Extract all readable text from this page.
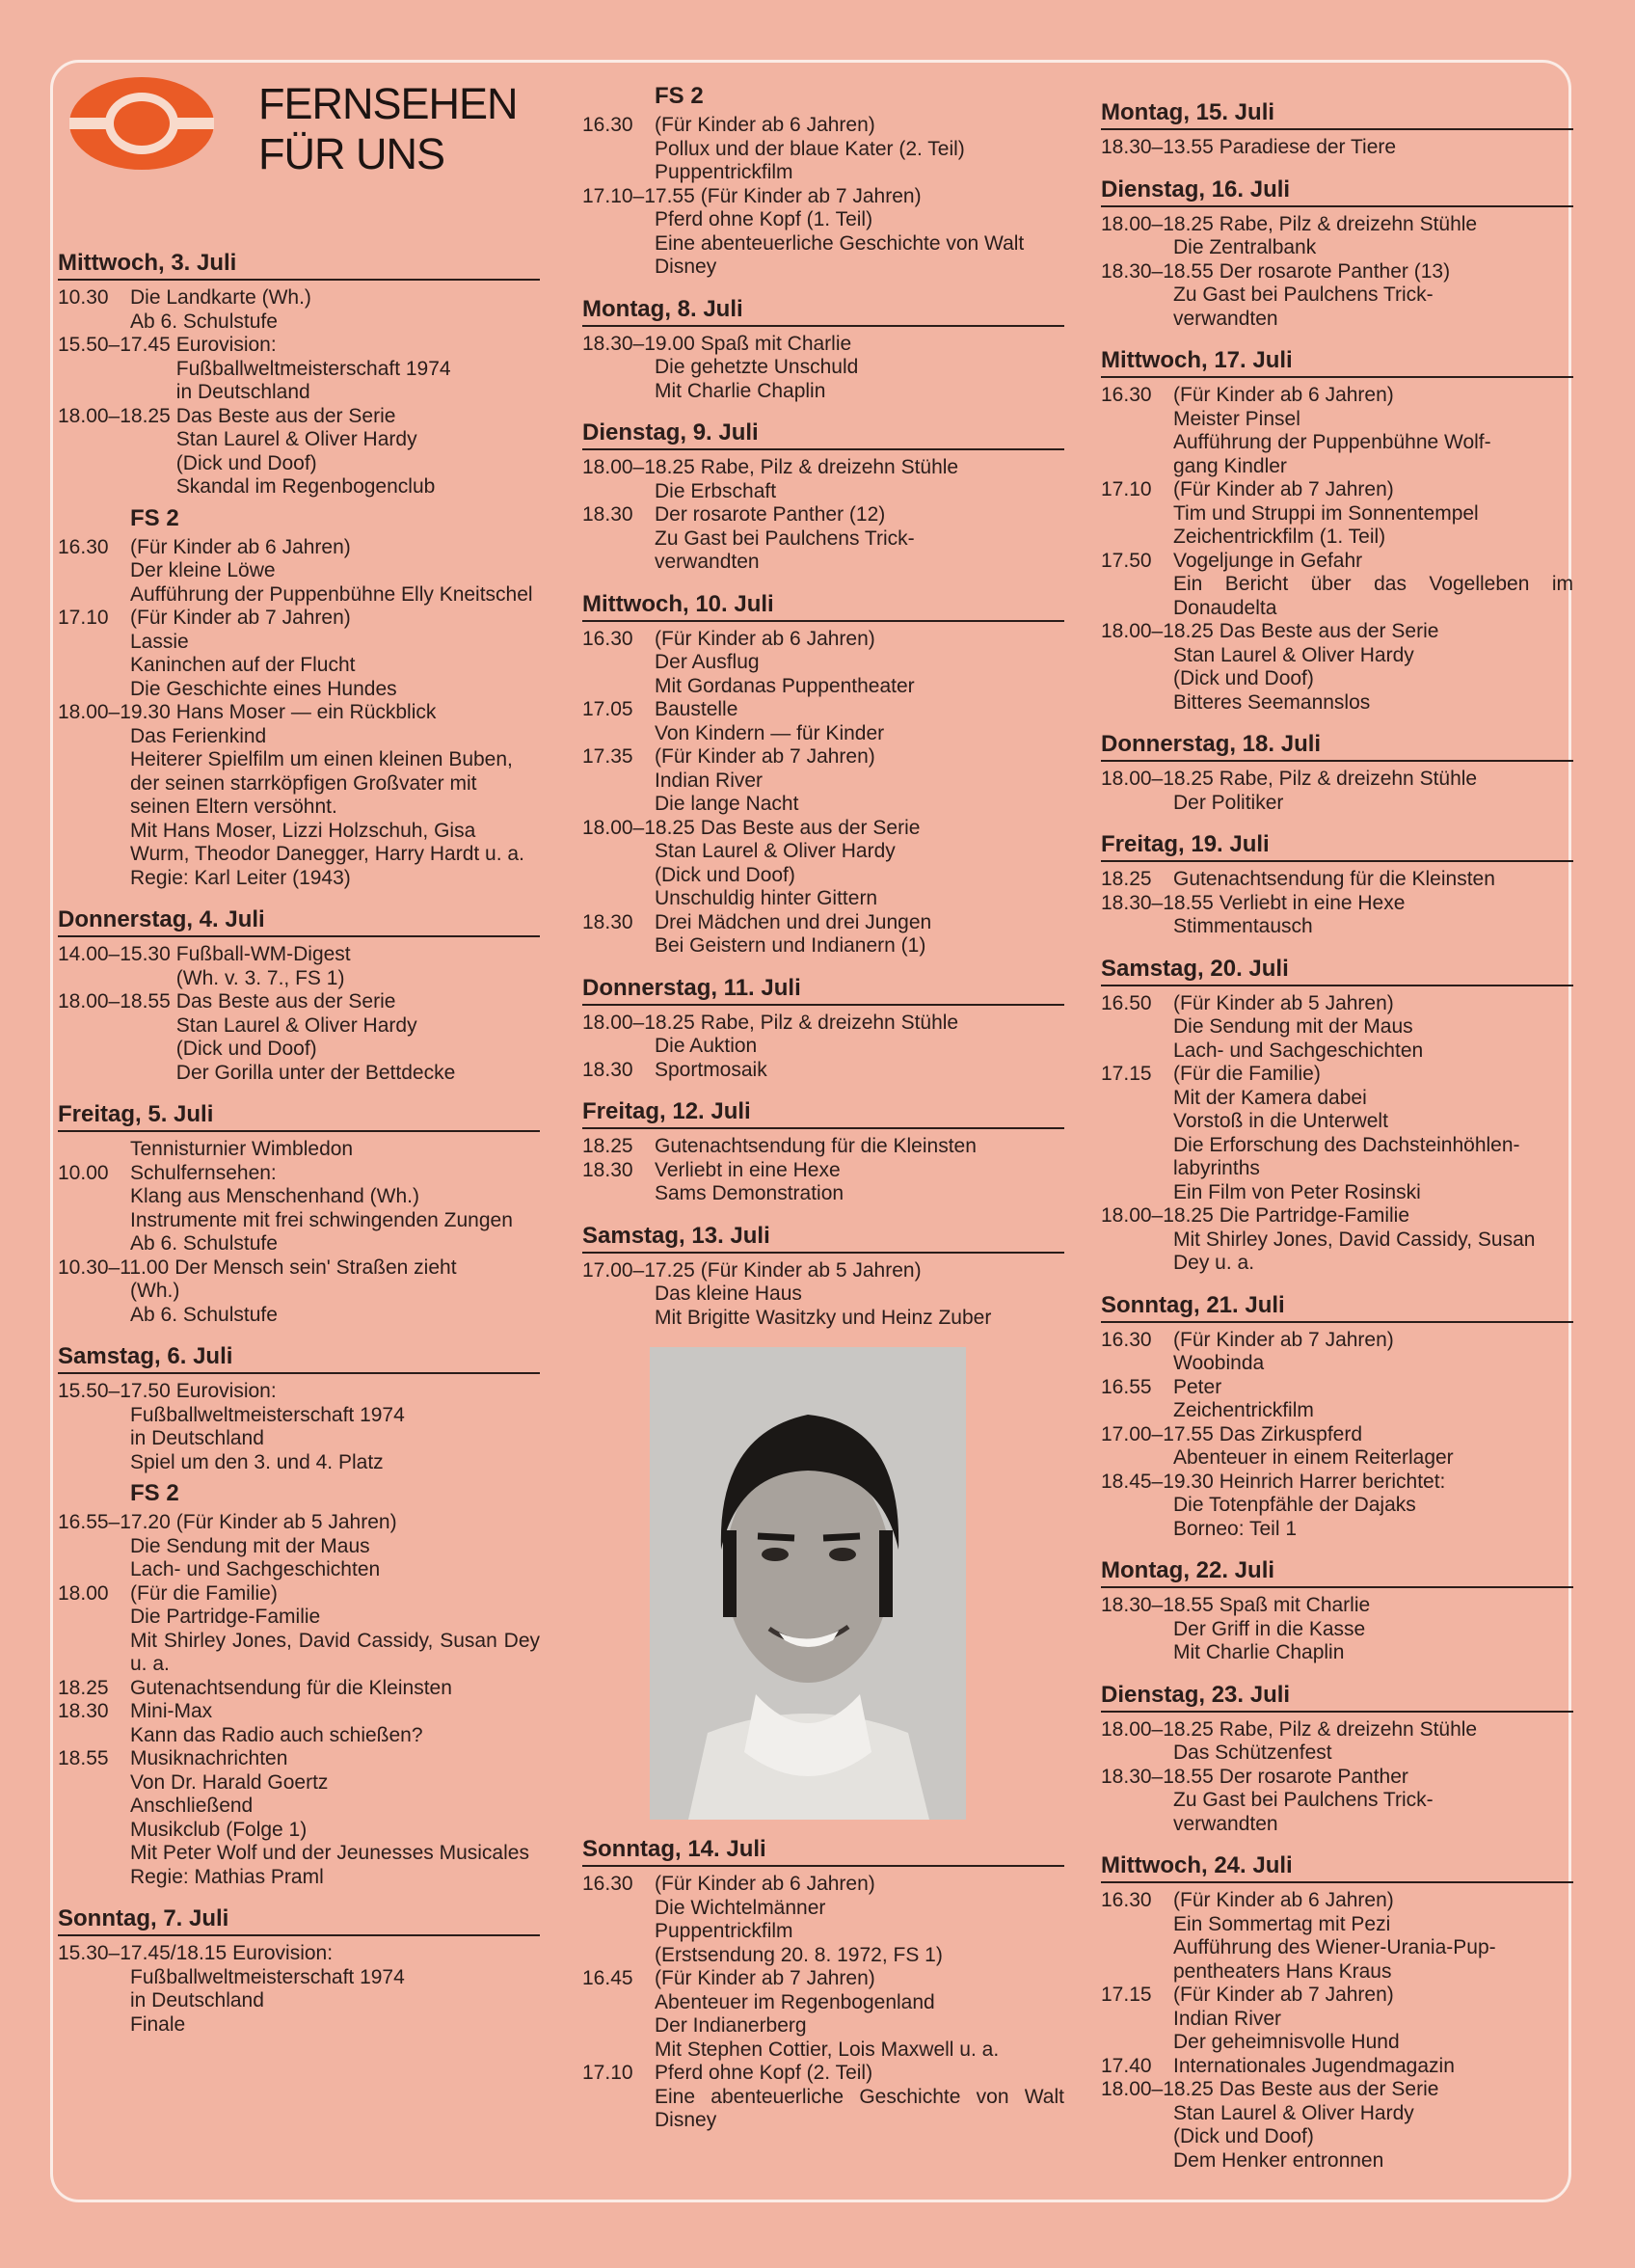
FERNSEHEN
FÜR UNS
Mittwoch, 3. Juli
10.30	Die Landkarte (Wh.)
Ab 6. Schulstufe
15.50–17.45 Eurovision:
Fußballweltmeisterschaft 1974
in Deutschland
18.00–18.25 Das Beste aus der Serie
Stan Laurel & Oliver Hardy
(Dick und Doof)
Skandal im Regenbogenclub
FS 2
16.30	(Für Kinder ab 6 Jahren)
Der kleine Löwe
Aufführung der Puppenbühne Elly Kneitschel
17.10	(Für Kinder ab 7 Jahren)
Lassie
Kaninchen auf der Flucht
Die Geschichte eines Hundes
18.00–19.30 Hans Moser — ein Rückblick
Das Ferienkind
Heiterer Spielfilm um einen kleinen Buben, der seinen starrköpfigen Großvater mit seinen Eltern versöhnt.
Mit Hans Moser, Lizzi Holzschuh, Gisa Wurm, Theodor Danegger, Harry Hardt u. a.
Regie: Karl Leiter (1943)
Donnerstag, 4. Juli
14.00–15.30 Fußball-WM-Digest
(Wh. v. 3. 7., FS 1)
18.00–18.55 Das Beste aus der Serie
Stan Laurel & Oliver Hardy
(Dick und Doof)
Der Gorilla unter der Bettdecke
Freitag, 5. Juli
Tennisturnier Wimbledon
10.00	Schulfernsehen:
Klang aus Menschenhand (Wh.)
Instrumente mit frei schwingenden Zungen
Ab 6. Schulstufe
10.30–11.00 Der Mensch sein' Straßen zieht
(Wh.)
Ab 6. Schulstufe
Samstag, 6. Juli
15.50–17.50 Eurovision:
Fußballweltmeisterschaft 1974
in Deutschland
Spiel um den 3. und 4. Platz
FS 2
16.55–17.20 (Für Kinder ab 5 Jahren)
Die Sendung mit der Maus
Lach- und Sachgeschichten
18.00	(Für die Familie)
Die Partridge-Familie
Mit Shirley Jones, David Cassidy, Susan Dey u. a.
18.25	Gutenachtsendung für die Kleinsten
18.30	Mini-Max
Kann das Radio auch schießen?
18.55	Musiknachrichten
Von Dr. Harald Goertz
Anschließend
Musikclub (Folge 1)
Mit Peter Wolf und der Jeunesses Musicales
Regie: Mathias Praml
Sonntag, 7. Juli
15.30–17.45/18.15 Eurovision:
Fußballweltmeisterschaft 1974
in Deutschland
Finale
FS 2
16.30	(Für Kinder ab 6 Jahren)
Pollux und der blaue Kater (2. Teil)
Puppentrickfilm
17.10–17.55 (Für Kinder ab 7 Jahren)
Pferd ohne Kopf (1. Teil)
Eine abenteuerliche Geschichte von Walt Disney
Montag, 8. Juli
18.30–19.00 Spaß mit Charlie
Die gehetzte Unschuld
Mit Charlie Chaplin
Dienstag, 9. Juli
18.00–18.25 Rabe, Pilz & dreizehn Stühle
Die Erbschaft
18.30	Der rosarote Panther (12)
Zu Gast bei Paulchens Trick-
verwandten
Mittwoch, 10. Juli
16.30	(Für Kinder ab 6 Jahren)
Der Ausflug
Mit Gordanas Puppentheater
17.05	Baustelle
Von Kindern — für Kinder
17.35	(Für Kinder ab 7 Jahren)
Indian River
Die lange Nacht
18.00–18.25 Das Beste aus der Serie
Stan Laurel & Oliver Hardy
(Dick und Doof)
Unschuldig hinter Gittern
18.30	Drei Mädchen und drei Jungen
Bei Geistern und Indianern (1)
Donnerstag, 11. Juli
18.00–18.25 Rabe, Pilz & dreizehn Stühle
Die Auktion
18.30	Sportmosaik
Freitag, 12. Juli
18.25	Gutenachtsendung für die Kleinsten
18.30	Verliebt in eine Hexe
Sams Demonstration
Samstag, 13. Juli
17.00–17.25 (Für Kinder ab 5 Jahren)
Das kleine Haus
Mit Brigitte Wasitzky und Heinz Zuber
Sonntag, 14. Juli
16.30	(Für Kinder ab 6 Jahren)
Die Wichtelmänner
Puppentrickfilm
(Erstsendung 20. 8. 1972, FS 1)
16.45	(Für Kinder ab 7 Jahren)
Abenteuer im Regenbogenland
Der Indianerberg
Mit Stephen Cottier, Lois Maxwell u. a.
17.10	Pferd ohne Kopf (2. Teil)
Eine abenteuerliche Geschichte von Walt Disney
Montag, 15. Juli
18.30–13.55 Paradiese der Tiere
Dienstag, 16. Juli
18.00–18.25 Rabe, Pilz & dreizehn Stühle
Die Zentralbank
18.30–18.55 Der rosarote Panther (13)
Zu Gast bei Paulchens Trick-
verwandten
Mittwoch, 17. Juli
16.30	(Für Kinder ab 6 Jahren)
Meister Pinsel
Aufführung der Puppenbühne Wolf-
gang Kindler
17.10	(Für Kinder ab 7 Jahren)
Tim und Struppi im Sonnentempel
Zeichentrickfilm (1. Teil)
17.50	Vogeljunge in Gefahr
Ein Bericht über das Vogelleben im Donaudelta
18.00–18.25 Das Beste aus der Serie
Stan Laurel & Oliver Hardy
(Dick und Doof)
Bitteres Seemannslos
Donnerstag, 18. Juli
18.00–18.25 Rabe, Pilz & dreizehn Stühle
Der Politiker
Freitag, 19. Juli
18.25	Gutenachtsendung für die Kleinsten
18.30–18.55 Verliebt in eine Hexe
Stimmentausch
Samstag, 20. Juli
16.50	(Für Kinder ab 5 Jahren)
Die Sendung mit der Maus
Lach- und Sachgeschichten
17.15	(Für die Familie)
Mit der Kamera dabei
Vorstoß in die Unterwelt
Die Erforschung des Dachsteinhöhlen-
labyrinths
Ein Film von Peter Rosinski
18.00–18.25 Die Partridge-Familie
Mit Shirley Jones, David Cassidy, Susan Dey u. a.
Sonntag, 21. Juli
16.30	(Für Kinder ab 7 Jahren)
Woobinda
16.55	Peter
Zeichentrickfilm
17.00–17.55 Das Zirkuspferd
Abenteuer in einem Reiterlager
18.45–19.30 Heinrich Harrer berichtet:
Die Totenpfähle der Dajaks
Borneo: Teil 1
Montag, 22. Juli
18.30–18.55 Spaß mit Charlie
Der Griff in die Kasse
Mit Charlie Chaplin
Dienstag, 23. Juli
18.00–18.25 Rabe, Pilz & dreizehn Stühle
Das Schützenfest
18.30–18.55 Der rosarote Panther
Zu Gast bei Paulchens Trick-
verwandten
Mittwoch, 24. Juli
16.30	(Für Kinder ab 6 Jahren)
Ein Sommertag mit Pezi
Aufführung des Wiener-Urania-Pup-
pentheaters Hans Kraus
17.15	(Für Kinder ab 7 Jahren)
Indian River
Der geheimnisvolle Hund
17.40	Internationales Jugendmagazin
18.00–18.25 Das Beste aus der Serie
Stan Laurel & Oliver Hardy
(Dick und Doof)
Dem Henker entronnen
